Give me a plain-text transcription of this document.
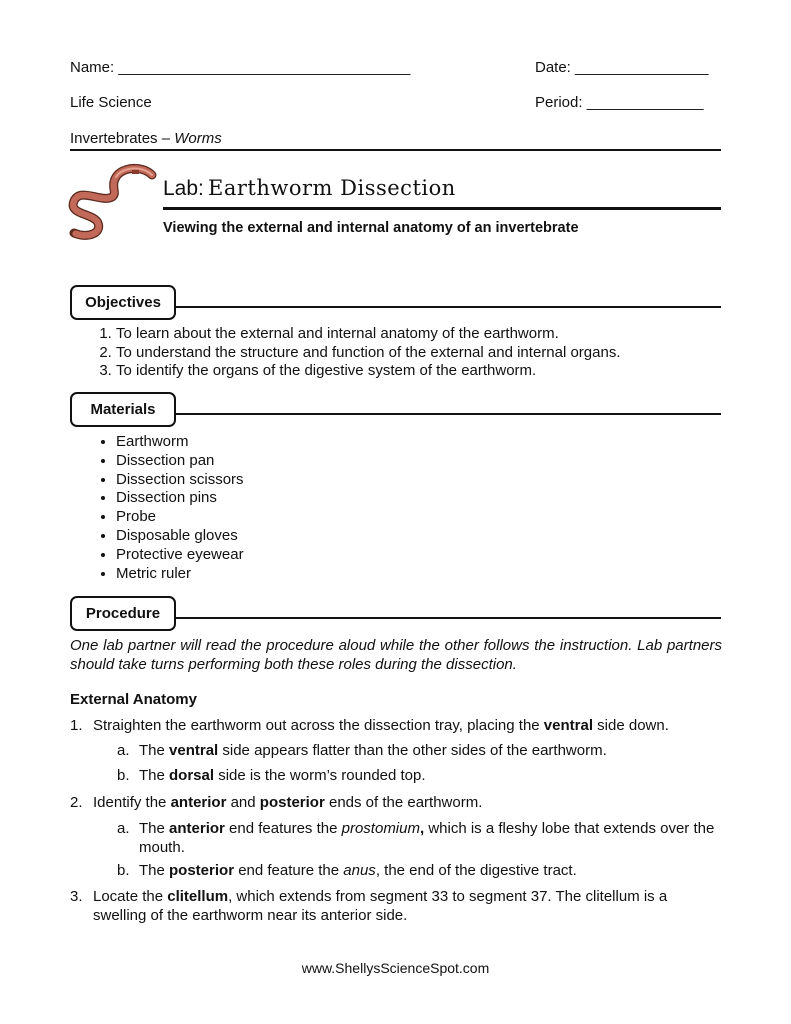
Name: ___________________________________	Date: ________________
Life Science	Period: ______________
Invertebrates – Worms
Lab: Earthworm Dissection
Viewing the external and internal anatomy of an invertebrate
Objectives
1. To learn about the external and internal anatomy of the earthworm.
2. To understand the structure and function of the external and internal organs.
3. To identify the organs of the digestive system of the earthworm.
Materials
• Earthworm
• Dissection pan
• Dissection scissors
• Dissection pins
• Probe
• Disposable gloves
• Protective eyewear
• Metric ruler
Procedure
One lab partner will read the procedure aloud while the other follows the instruction. Lab partners should take turns performing both these roles during the dissection.
External Anatomy
1. Straighten the earthworm out across the dissection tray, placing the ventral side down.
a. The ventral side appears flatter than the other sides of the earthworm.
b. The dorsal side is the worm’s rounded top.
2. Identify the anterior and posterior ends of the earthworm.
a. The anterior end features the prostomium, which is a fleshy lobe that extends over the mouth.
b. The posterior end feature the anus, the end of the digestive tract.
3. Locate the clitellum, which extends from segment 33 to segment 37. The clitellum is a swelling of the earthworm near its anterior side.
www.ShellysScienceSpot.com
